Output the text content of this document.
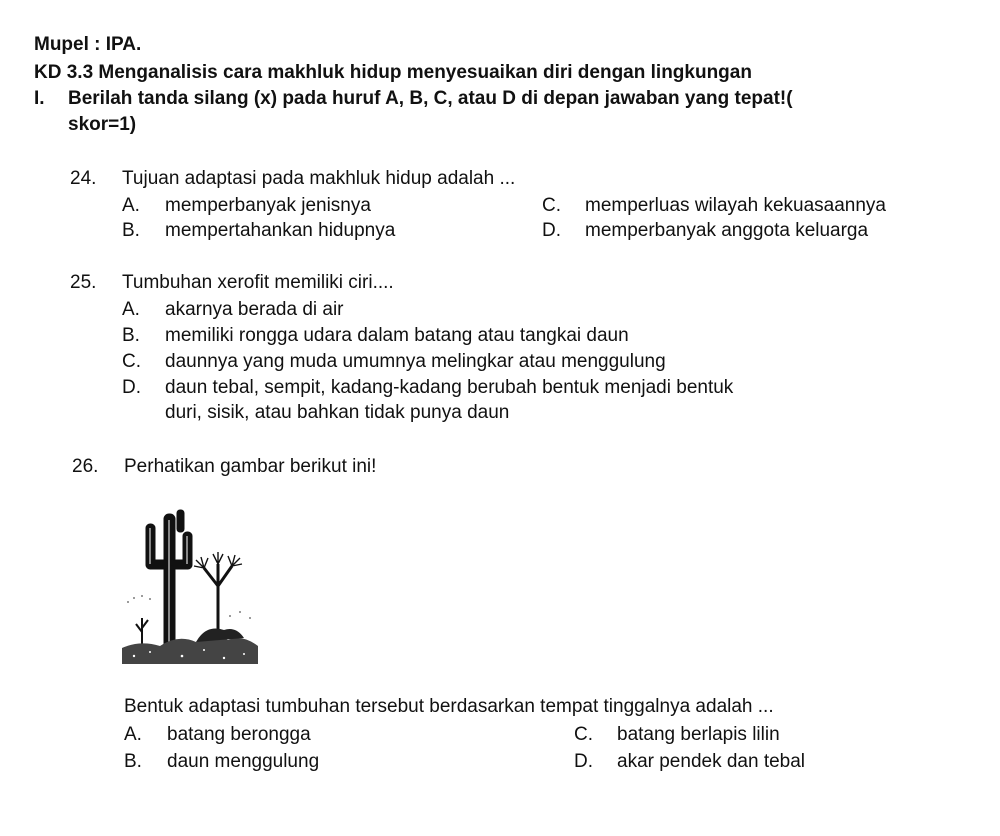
Mupel : IPA.
KD 3.3 Menganalisis cara makhluk hidup menyesuaikan diri dengan lingkungan
I. Berilah tanda silang (x) pada huruf A, B, C, atau D di depan jawaban yang tepat!(
skor=1)
24. Tujuan adaptasi pada makhluk hidup adalah ...
A. memperbanyak jenisnya
B. mempertahankan hidupnya
C. memperluas wilayah kekuasaannya
D. memperbanyak anggota keluarga
25. Tumbuhan xerofit memiliki ciri....
A. akarnya berada di air
B. memiliki rongga udara dalam batang atau tangkai daun
C. daunnya yang muda umumnya melingkar atau menggulung
D. daun tebal, sempit, kadang-kadang berubah bentuk menjadi bentuk
duri, sisik, atau bahkan tidak punya daun
26. Perhatikan gambar berikut ini!
Bentuk adaptasi tumbuhan tersebut berdasarkan tempat tinggalnya adalah ...
A. batang berongga
B. daun menggulung
C. batang berlapis lilin
D. akar pendek dan tebal
